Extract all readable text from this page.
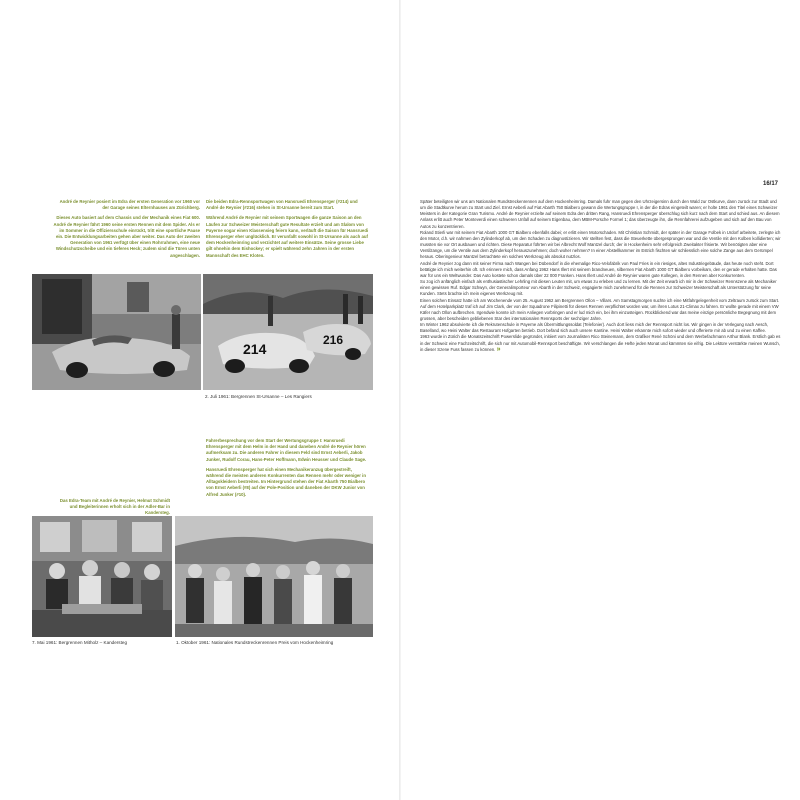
André de Reynier posiert im Edra der ersten Generation vor 1960 vor der Garage seines Elternhauses am Zürichberg.

Dieses Auto basiert auf dem Chassis und der Mechanik eines Fiat 600. André de Reynier fährt 1960 seine ersten Rennen mit dem Spider. Als er im Sommer in die Offiziersschule einrückt, tritt eine sportliche Pause ein. Die Entwicklungsarbeiten gehen aber weiter. Das Auto der zweiten Generation von 1961 verfügt über einen Rohrrahmen, eine neue Windschutzscheibe und ein tieferes Heck; zudem sind die Türen unten angeschlagen.

Die beiden Edra-Rennsportwagen von Hansruedi Ehrensperger (#214) und André de Reynier (#216) stehen in St-Ursanne bereit zum Start.

Während André de Reynier mit seinem Sportwagen die ganze Saison an den Läufen zur Schweizer Meisterschaft gute Resultate erzielt und am Slalom von Payerne sogar einen Klassensieg feiern kann, verläuft die Saison für Hansruedi Ehrensperger eher unglücklich. Er verunfallt sowohl in St-Ursanne als auch auf dem Hockenheimring und verzichtet auf weitere Einsätze. Seine grosse Liebe gilt ohnehin dem Eishockey; er spielt während zehn Jahren in der ersten Mannschaft des EHC Kloten.

214
216
2. Juli 1961: Bergrennen St-Ursanne – Les Rangiers

Fahrerbesprechung vor dem Start der Wertungsgruppe I: Hansruedi Ehrensperger mit dem Helm in der Hand und daneben André de Reynier hören aufmerksam zu. Die anderen Fahrer in diesem Feld sind Ernst Aeberli, Jakob Junker, Rudolf Corau, Hans-Peter Hoffmann, Edwin Heusser und Claude Sage.

Hansruedi Ehrensperger hat sich einen Mechanikeranzug übergestreift, während die meisten anderen Konkurrenten das Rennen mehr oder weniger in Alltagskleidern bestreiten. Im Hintergrund stehen der Fiat Abarth 750 Bialbero von Ernst Aeberli (#8) auf der Pole-Position und daneben der DKW Junior von Alfred Junker (#10).

Das Edra-Team mit André de Reynier, Helmut Schmidt und Begleiterinnen erholt sich in der Adler-Bar in Kandersteg.

7. Mai 1961: Bergrennen Mitholz – Kandersteg	1. Oktober 1961: Nationales Rundstreckenrennen Preis vom Hockenheimring
16/17

Später beteiligten wir uns am Nationalen Rundstreckenrennen auf dem Hockenheimring. Damals fuhr man gegen den Uhrzeigersinn durch den Wald zur Ostkurve, dann zurück zur Stadt und um die Stadtkurve herum zu Start und Ziel. Ernst Aeberli auf Fiat Abarth 750 Bialbero gewann die Wertungsgruppe I, in der die Edras eingeteilt waren; er holte 1961 den Titel eines Schweizer Meisters in der Kategorie Gran Turismo. André de Reynier erzielte auf seinem Edra den dritten Rang, Hansruedi Ehrensperger überschlug sich kurz nach dem Start und schied aus. An diesem Anlass erlitt auch Peter Monteverdi einen schweren Unfall auf seinem Eigenbau, dem MBM-Porsche Formel 1; das überzeugte ihn, die Rennfahrerei aufzugeben und sich auf den Bau von Autos zu konzentrieren.

Roland Stierli war mit seinem Fiat Abarth 1000 GT Bialbero ebenfalls dabei; er erlitt einen Motorschaden. Mit Christian Schmidt, der später in der Garage Folbek in Urdorf arbeitete, zerlegte ich den Motor, d.h. wir nahmen den Zylinderkopf ab, um den Schaden zu diagnostizieren. Wir stellten fest, dass die Steuerkette übergesprungen war und die Ventile mit den Kolben kollidierten; wir mussten sie vor Ort ausbauen und richten. Diese Reparatur führten wir bei Albrecht Wolf Mantzel durch; der in Hockenheim sehr erfolgreich Zweitakter frisierte. Wir benötigten aber eine Ventilzange, um die Ventile aus dem Zylinderkopf herauszunehmen; doch woher nehmen? In einer Abstellkammer im Estrich fischten wir schliesslich eine solche Zange aus dem Gerümpel heraus. Oberingenieur Mantzel betrachtete ein solches Werkzeug als absolut nutzlos.

André de Reynier zog dann mit seiner Firma nach Wangen bei Dübendorf in die ehemalige Rico-Velofabrik von Paul Fries in ein riesiges, altes Industriegebäude, das heute noch steht. Dort betätigte ich mich weiterhin oft. Ich erinnere mich, dass Anfang 1962 Hans Illert mit seinem brandneuen, silbernen Fiat Abarth 1000 GT Bialbero vorbeikam, den er gerade erhalten hatte. Das war für uns ein Weltwunder. Das Auto kostete schon damals über 22 000 Franken. Hans Illert und André de Reynier waren gute Kollegen, in den Rennen aber Konkurrenten.

So zog ich anfänglich einfach als enthusiastischer Lehrling mit diesen Leuten mit, um etwas zu erleben und zu lernen. Mit der Zeit erwarb ich mir in der Schweizer Rennszene als Mechaniker einen gewissen Ruf. Edgar Schwyn, der Generalimporteur von Abarth in der Schweiz, engagierte mich zunehmend für die Rennen zur Schweizer Meisterschaft als Unterstützung für seine Kunden. Stets brachte ich mein eigenes Werkzeug mit.

Einen solchen Einsatz hatte ich am Wochenende vom 25. August 1962 am Bergrennen Ollon – Villars. Am Samstagmorgen suchte ich eine Mitfahrgelegenheit vom Zeltraum zurück zum Start. Auf dem Hotelparkplatz traf ich auf Jim Clark, der von der Squadrone Filipinetti für dieses Rennen verpflichtet worden war, um ihren Lotus 21-Climax zu fahren. Er wollte gerade mit einem VW Käfer nach Ollon aufbrechen. Irgendwie konnte ich mein Anliegen vorbringen und er lud mich ein, bei ihm einzusteigen. Rückblickend war das meine einzige persönliche Begegnung mit dem grossen, aber bescheiden gebliebenen Star des internationalen Rennsports der sechziger Jahre.

Im Winter 1962 absolvierte ich die Rekrutenschule in Payerne als Übermittlungssoldat (Telefonier). Auch dort liess mich der Rennsport nicht los. Wir gingen in der Verlegung nach Aesch, Baselland, wo Heini Walter das Restaurant Hofgarten betrieb. Dort befand sich auch unsere Kantine. Heini Walter erkannte mich sofort wieder und offerierte mir ab und zu einen Kaffee.

1963 wurde in Zürich die Monatszeitschrift Powerslide gegründet, initiiert vom Journalisten Rico Steinemann, dem Grafiker René Schöni und dem Werbefachmann Arthur Blank. Erstlich gab es in der Schweiz eine Fachzeitschrift, die sich nur mit Automobil-Rennsport beschäftigte. Wir verschlangen die Hefte jeden Monat und kämmten sie eifrig. Die Lektüre verstärkte meinen Wunsch, in dieser Szene Fuss fassen zu können. »
